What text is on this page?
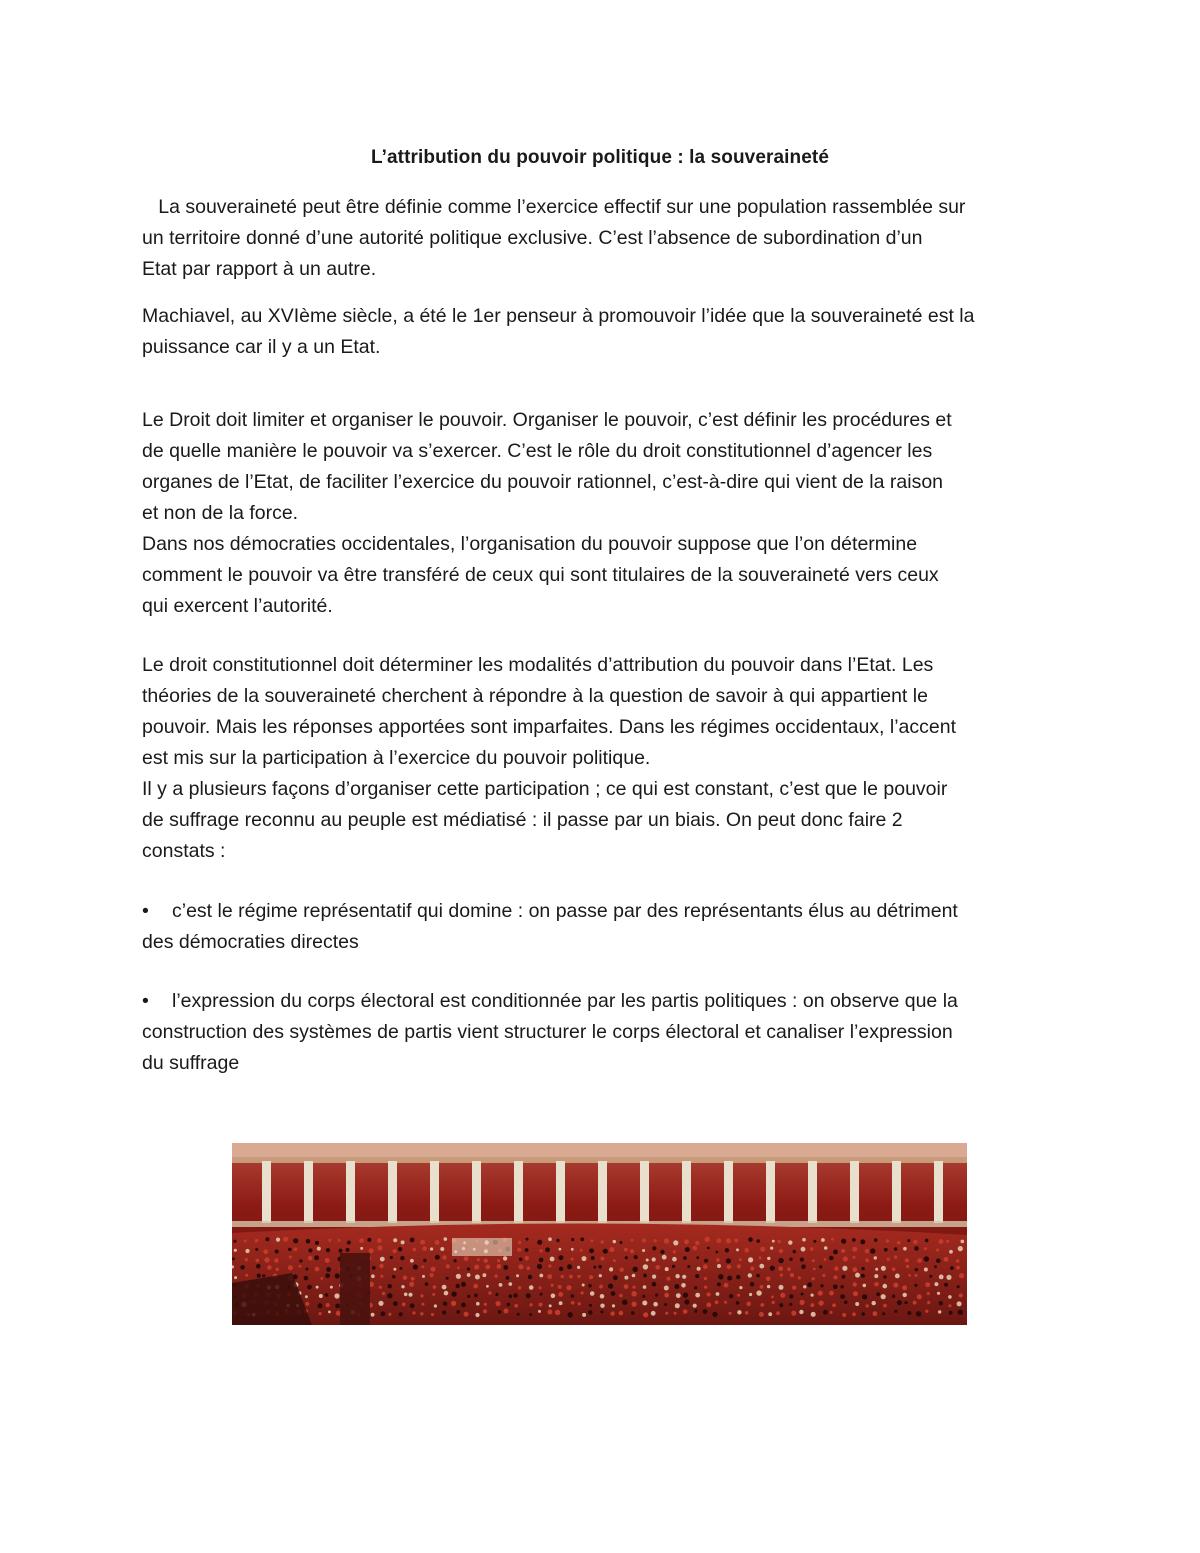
L’attribution du pouvoir politique : la souveraineté

La souveraineté peut être définie comme l’exercice effectif sur une population rassemblée sur
un territoire donné d’une autorité politique exclusive. C’est l’absence de subordination d’un
Etat par rapport à un autre.

Machiavel, au XVIème siècle, a été le 1er penseur à promouvoir l’idée que la souveraineté est la
puissance car il y a un Etat.

Le Droit doit limiter et organiser le pouvoir. Organiser le pouvoir, c’est définir les procédures et
de quelle manière le pouvoir va s’exercer. C’est le rôle du droit constitutionnel d’agencer les
organes de l’Etat, de faciliter l’exercice du pouvoir rationnel, c’est-à-dire qui vient de la raison
et non de la force.
Dans nos démocraties occidentales, l’organisation du pouvoir suppose que l’on détermine
comment le pouvoir va être transféré de ceux qui sont titulaires de la souveraineté vers ceux
qui exercent l’autorité.

Le droit constitutionnel doit déterminer les modalités d’attribution du pouvoir dans l’Etat. Les
théories de la souveraineté cherchent à répondre à la question de savoir à qui appartient le
pouvoir. Mais les réponses apportées sont imparfaites. Dans les régimes occidentaux, l’accent
est mis sur la participation à l’exercice du pouvoir politique.
Il y a plusieurs façons d’organiser cette participation ; ce qui est constant, c’est que le pouvoir
de suffrage reconnu au peuple est médiatisé : il passe par un biais. On peut donc faire 2
constats :

• c’est le régime représentatif qui domine : on passe par des représentants élus au détriment
des démocraties directes

• l’expression du corps électoral est conditionnée par les partis politiques : on observe que la
construction des systèmes de partis vient structurer le corps électoral et canaliser l’expression
du suffrage
